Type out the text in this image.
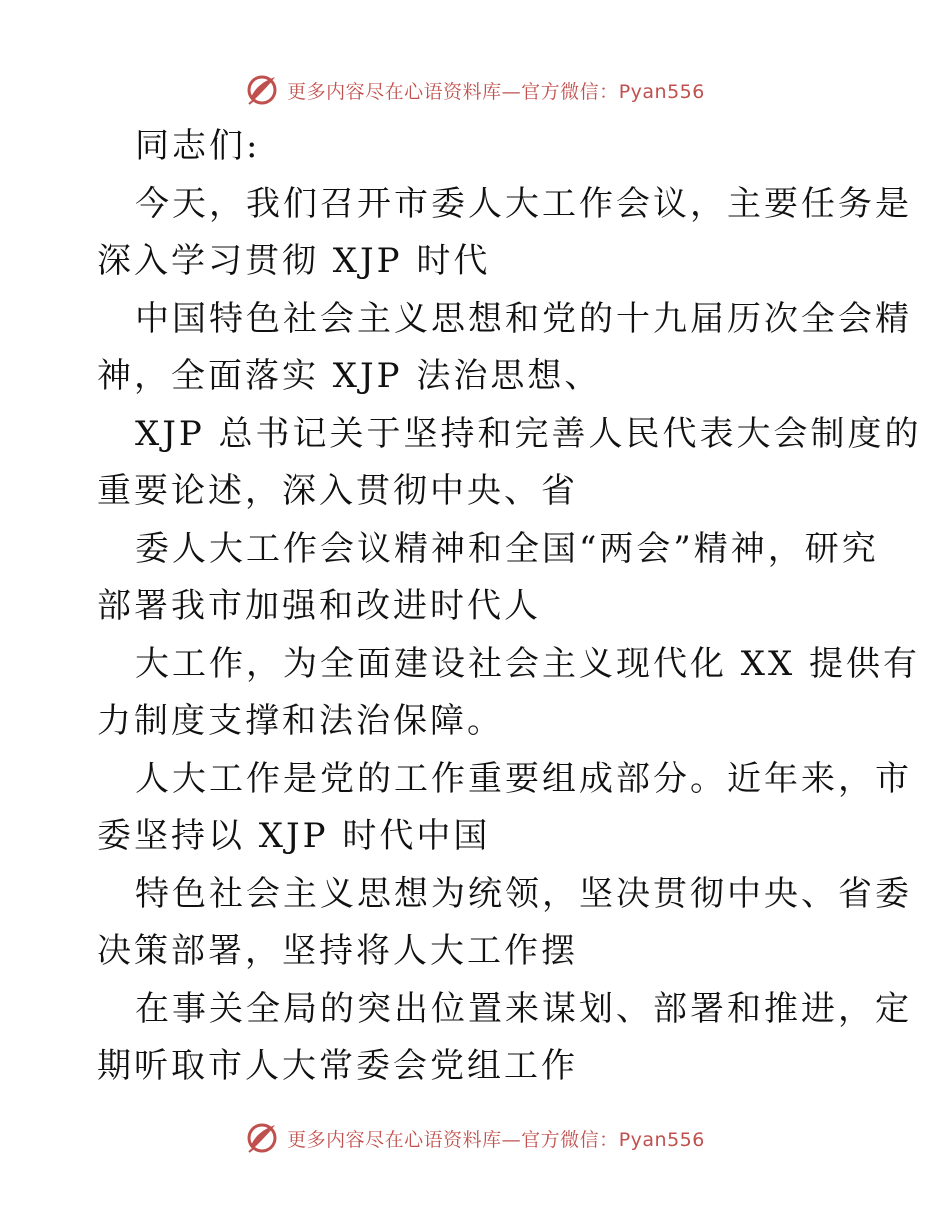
更多内容尽在心语资料库—官方微信：Pyan556
同志们:
今天，我们召开市委人大工作会议，主要任务是
深入学习贯彻 XJP 时代
中国特色社会主义思想和党的十九届历次全会精
神，全面落实 XJP 法治思想、
XJP 总书记关于坚持和完善人民代表大会制度的
重要论述，深入贯彻中央、省
委人大工作会议精神和全国“两会”精神，研究
部署我市加强和改进时代人
大工作，为全面建设社会主义现代化 XX 提供有
力制度支撑和法治保障。
人大工作是党的工作重要组成部分。近年来，市
委坚持以 XJP 时代中国
特色社会主义思想为统领，坚决贯彻中央、省委
决策部署，坚持将人大工作摆
在事关全局的突出位置来谋划、部署和推进，定
期听取市人大常委会党组工作
更多内容尽在心语资料库—官方微信：Pyan556
